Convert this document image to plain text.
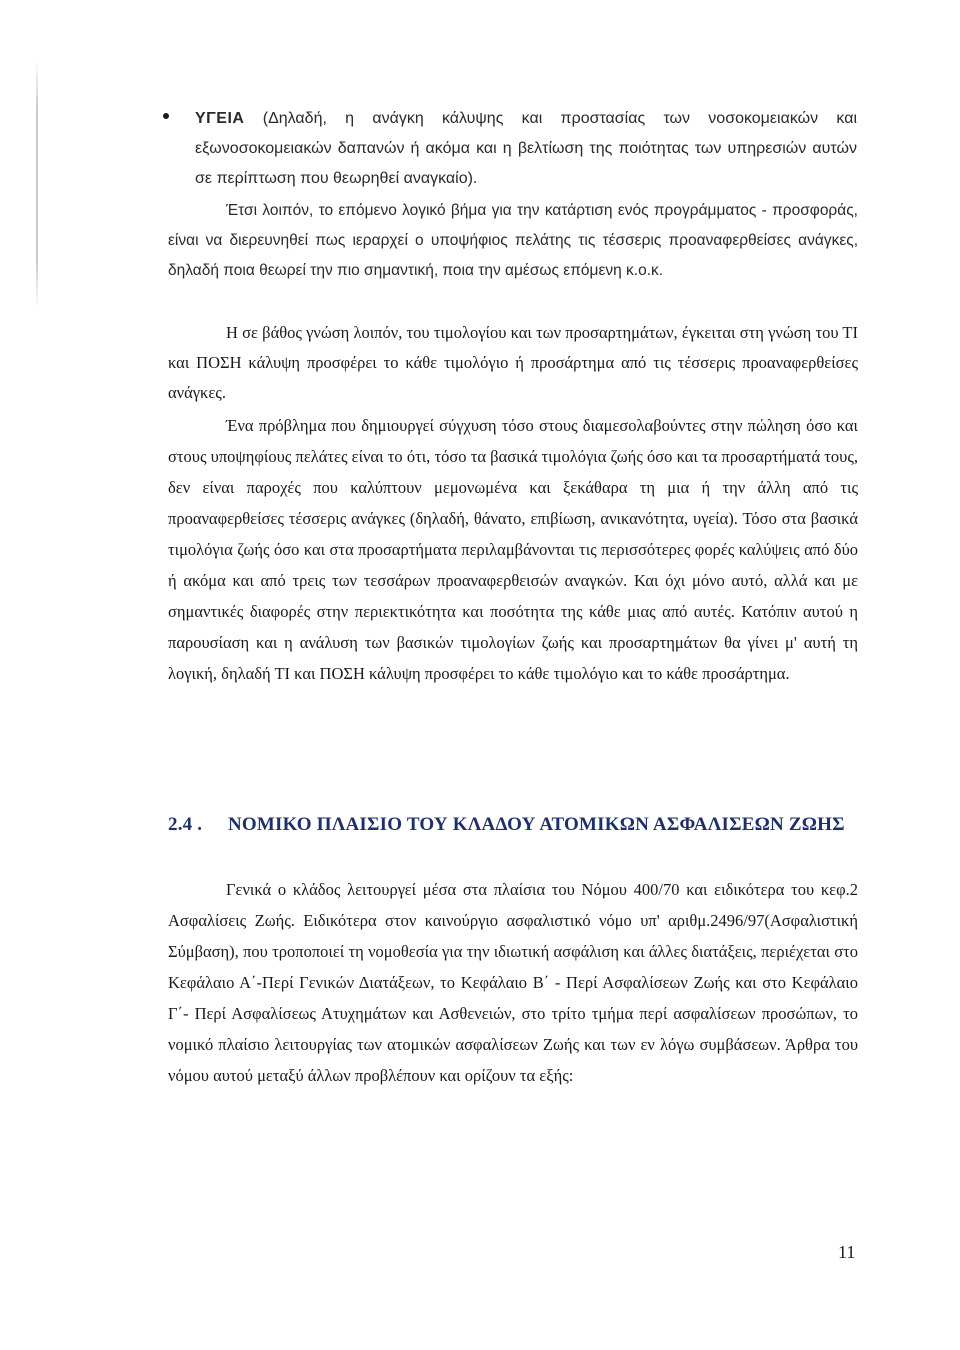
ΥΓΕΙΑ (Δηλαδή, η ανάγκη κάλυψης και προστασίας των νοσοκομειακών και εξωνοσοκομειακών δαπανών ή ακόμα και η βελτίωση της ποιότητας των υπηρεσιών αυτών σε περίπτωση που θεωρηθεί αναγκαίο).
Έτσι λοιπόν, το επόμενο λογικό βήμα για την κατάρτιση ενός προγράμματος - προσφοράς, είναι να διερευνηθεί πως ιεραρχεί ο υποψήφιος πελάτης τις τέσσερις προαναφερθείσες ανάγκες, δηλαδή ποια θεωρεί την πιο σημαντική, ποια την αμέσως επόμενη κ.ο.κ.
Η σε βάθος γνώση λοιπόν, του τιμολογίου και των προσαρτημάτων, έγκειται στη γνώση του ΤΙ και ΠΟΣΗ κάλυψη προσφέρει το κάθε τιμολόγιο ή προσάρτημα από τις τέσσερις προαναφερθείσες ανάγκες.
Ένα πρόβλημα που δημιουργεί σύγχυση τόσο στους διαμεσολαβούντες στην πώληση όσο και στους υποψηφίους πελάτες είναι το ότι, τόσο τα βασικά τιμολόγια ζωής όσο και τα προσαρτήματά τους, δεν είναι παροχές που καλύπτουν μεμονωμένα και ξεκάθαρα τη μια ή την άλλη από τις προαναφερθείσες τέσσερις ανάγκες (δηλαδή, θάνατο, επιβίωση, ανικανότητα, υγεία). Τόσο στα βασικά τιμολόγια ζωής όσο και στα προσαρτήματα περιλαμβάνονται τις περισσότερες φορές καλύψεις από δύο ή ακόμα και από τρεις των τεσσάρων προαναφερθεισών αναγκών. Και όχι μόνο αυτό, αλλά και με σημαντικές διαφορές στην περιεκτικότητα και ποσότητα της κάθε μιας από αυτές. Κατόπιν αυτού η παρουσίαση και η ανάλυση των βασικών τιμολογίων ζωής και προσαρτημάτων θα γίνει μ' αυτή τη λογική, δηλαδή ΤΙ και ΠΟΣΗ κάλυψη προσφέρει το κάθε τιμολόγιο και το κάθε προσάρτημα.
2.4 . ΝΟΜΙΚΟ ΠΛΑΙΣΙΟ ΤΟΥ ΚΛΑΔΟΥ ΑΤΟΜΙΚΩΝ ΑΣΦΑΛΙΣΕΩΝ ΖΩΗΣ
Γενικά ο κλάδος λειτουργεί μέσα στα πλαίσια του Νόμου 400/70 και ειδικότερα του κεφ.2 Ασφαλίσεις Ζωής. Ειδικότερα στον καινούργιο ασφαλιστικό νόμο υπ' αριθμ.2496/97(Ασφαλιστική Σύμβαση), που τροποποιεί τη νομοθεσία για την ιδιωτική ασφάλιση και άλλες διατάξεις, περιέχεται στο Κεφάλαιο Α΄-Περί Γενικών Διατάξεων, το Κεφάλαιο Β΄ - Περί Ασφαλίσεων Ζωής και στο Κεφάλαιο Γ΄- Περί Ασφαλίσεως Ατυχημάτων και Ασθενειών, στο τρίτο τμήμα περί ασφαλίσεων προσώπων, το νομικό πλαίσιο λειτουργίας των ατομικών ασφαλίσεων Ζωής και των εν λόγω συμβάσεων. Άρθρα του νόμου αυτού μεταξύ άλλων προβλέπουν και ορίζουν τα εξής:
11
